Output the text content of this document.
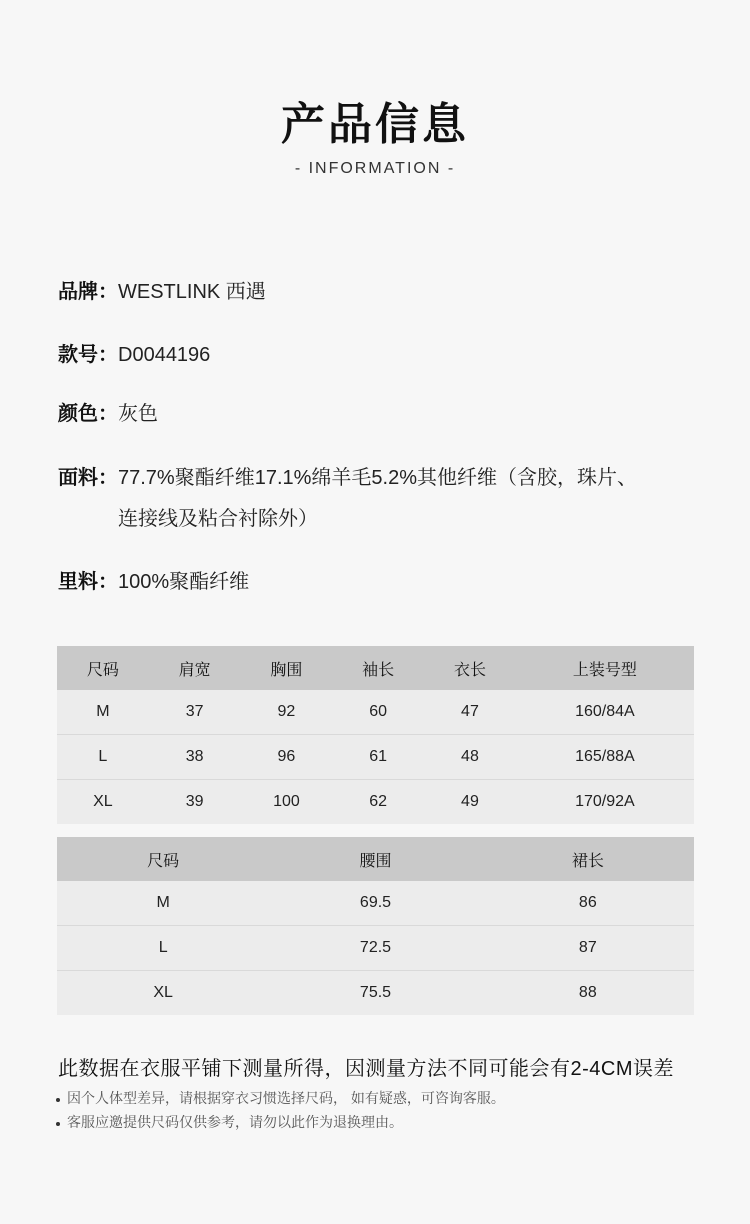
产品信息
- INFORMATION -
品牌： WESTLINK 西遇
款号： D0044196
颜色： 灰色
面料： 77.7%聚酯纤维17.1%绵羊毛5.2%其他纤维（含胶，珠片、连接线及粘合衬除外）
里料： 100%聚酯纤维
尺码	肩宽	胸围	袖长	衣长	上装号型
M	37	92	60	47	160/84A
L	38	96	61	48	165/88A
XL	39	100	62	49	170/92A
尺码	腰围	裙长
M	69.5	86
L	72.5	87
XL	75.5	88
此数据在衣服平铺下测量所得，因测量方法不同可能会有2-4CM误差
因个人体型差异，请根据穿衣习惯选择尺码， 如有疑惑，可咨询客服。
客服应邀提供尺码仅供参考，请勿以此作为退换理由。
